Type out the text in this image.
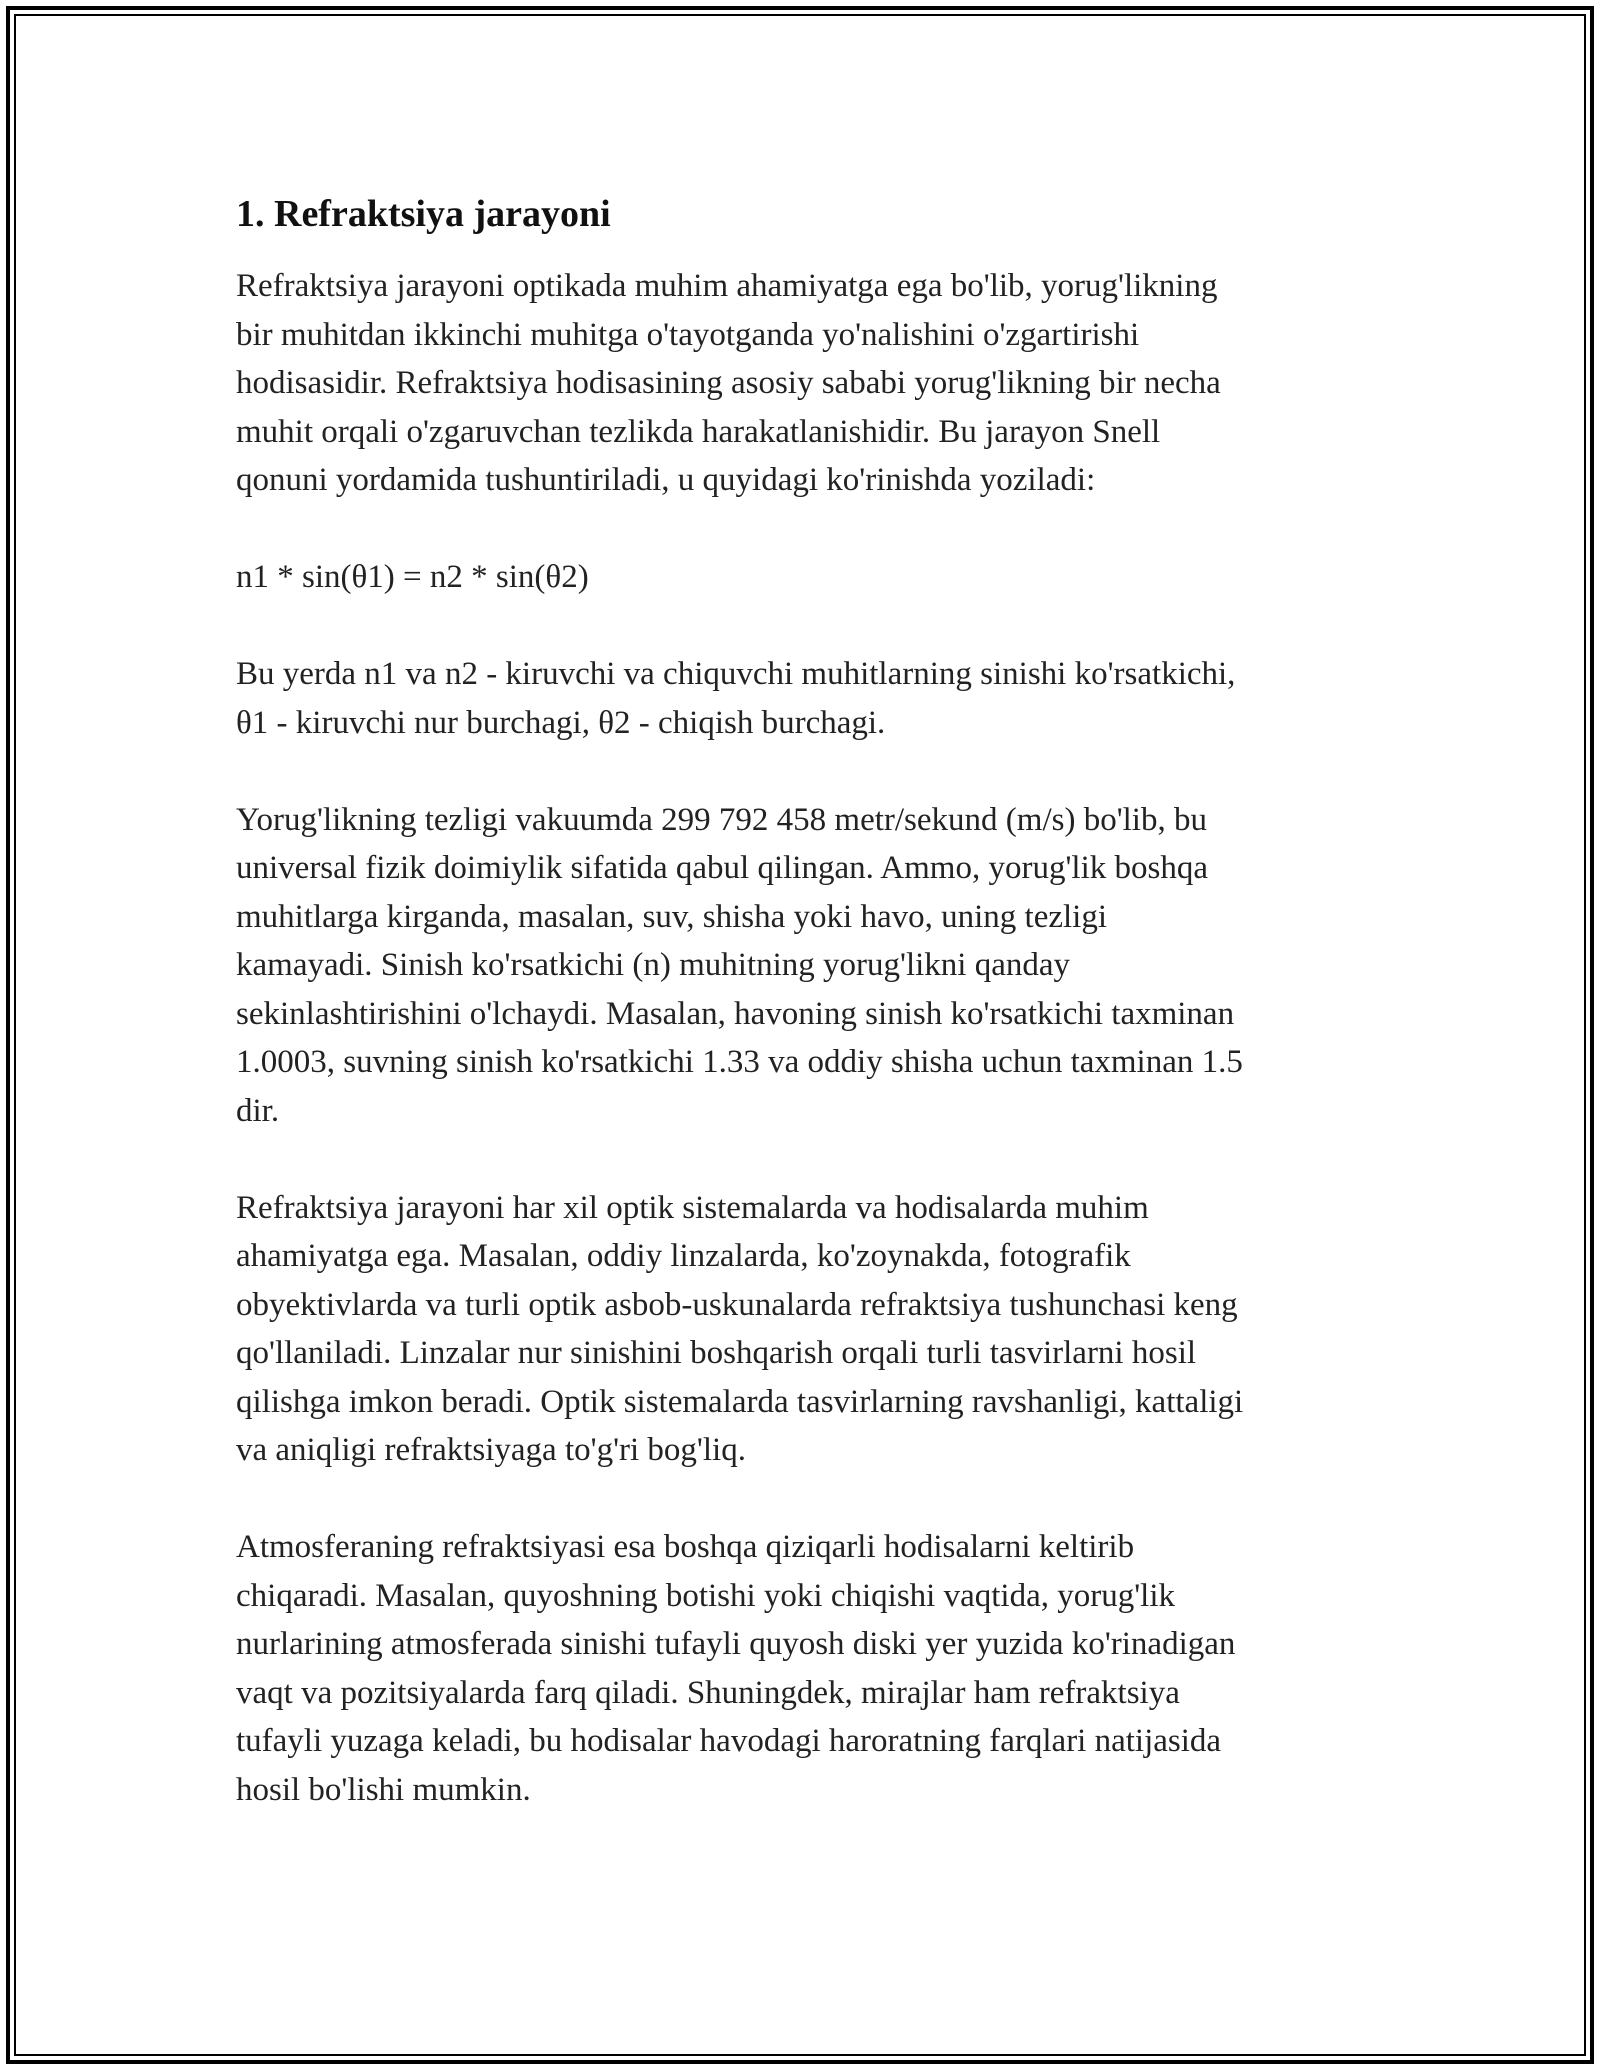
1. Refraktsiya jarayoni

Refraktsiya jarayoni optikada muhim ahamiyatga ega bo'lib, yorug'likning
bir muhitdan ikkinchi muhitga o'tayotganda yo'nalishini o'zgartirishi
hodisasidir. Refraktsiya hodisasining asosiy sababi yorug'likning bir necha
muhit orqali o'zgaruvchan tezlikda harakatlanishidir. Bu jarayon Snell
qonuni yordamida tushuntiriladi, u quyidagi ko'rinishda yoziladi:

n1 * sin(θ1) = n2 * sin(θ2)

Bu yerda n1 va n2 - kiruvchi va chiquvchi muhitlarning sinishi ko'rsatkichi,
θ1 - kiruvchi nur burchagi, θ2 - chiqish burchagi.

Yorug'likning tezligi vakuumda 299 792 458 metr/sekund (m/s) bo'lib, bu
universal fizik doimiylik sifatida qabul qilingan. Ammo, yorug'lik boshqa
muhitlarga kirganda, masalan, suv, shisha yoki havo, uning tezligi
kamayadi. Sinish ko'rsatkichi (n) muhitning yorug'likni qanday
sekinlashtirishini o'lchaydi. Masalan, havoning sinish ko'rsatkichi taxminan
1.0003, suvning sinish ko'rsatkichi 1.33 va oddiy shisha uchun taxminan 1.5
dir.

Refraktsiya jarayoni har xil optik sistemalarda va hodisalarda muhim
ahamiyatga ega. Masalan, oddiy linzalarda, ko'zoynakda, fotografik
obyektivlarda va turli optik asbob-uskunalarda refraktsiya tushunchasi keng
qo'llaniladi. Linzalar nur sinishini boshqarish orqali turli tasvirlarni hosil
qilishga imkon beradi. Optik sistemalarda tasvirlarning ravshanligi, kattaligi
va aniqligi refraktsiyaga to'g'ri bog'liq.

Atmosferaning refraktsiyasi esa boshqa qiziqarli hodisalarni keltirib
chiqaradi. Masalan, quyoshning botishi yoki chiqishi vaqtida, yorug'lik
nurlarining atmosferada sinishi tufayli quyosh diski yer yuzida ko'rinadigan
vaqt va pozitsiyalarda farq qiladi. Shuningdek, mirajlar ham refraktsiya
tufayli yuzaga keladi, bu hodisalar havodagi haroratning farqlari natijasida
hosil bo'lishi mumkin.
